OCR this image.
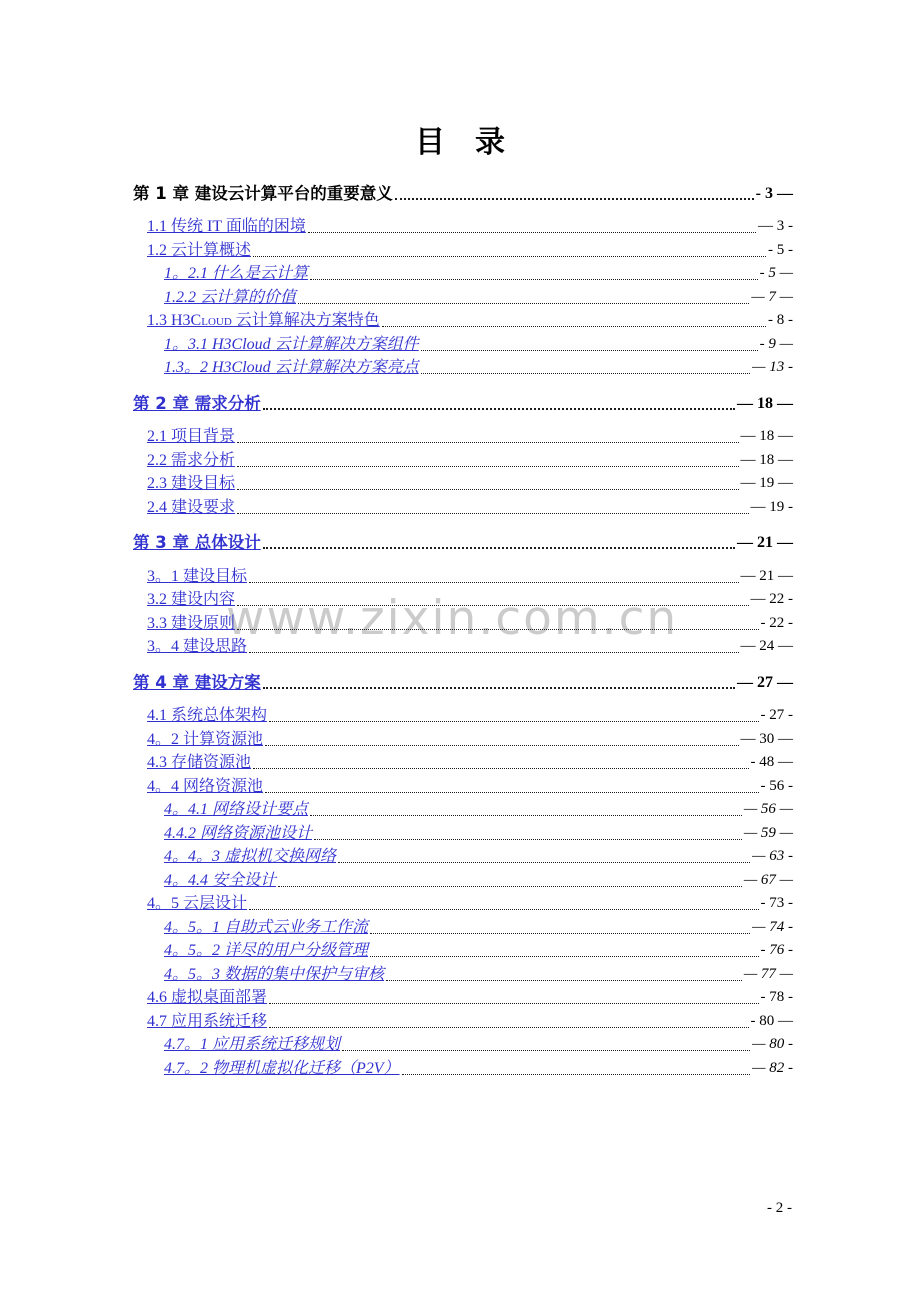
目　录
www.zixin.com.cn
第 1 章 建设云计算平台的重要意义	- 3 —
1.1 传统 IT 面临的困境	— 3 -
1.2 云计算概述	- 5 -
1。2.1 什么是云计算	- 5 —
1.2.2 云计算的价值	— 7 —
1.3 H3Cloud 云计算解决方案特色	- 8 -
1。3.1 H3Cloud 云计算解决方案组件	- 9 —
1.3。2 H3Cloud 云计算解决方案亮点	— 13 -
第 2 章 需求分析	— 18 —
2.1 项目背景	— 18 —
2.2 需求分析	— 18 —
2.3 建设目标	— 19 —
2.4 建设要求	— 19 -
第 3 章 总体设计	— 21 —
3。1 建设目标	— 21 —
3.2 建设内容	— 22 -
3.3 建设原则	- 22 -
3。4 建设思路	— 24 —
第 4 章 建设方案	— 27 —
4.1 系统总体架构	- 27 -
4。2 计算资源池	— 30 —
4.3 存储资源池	- 48 —
4。4 网络资源池	- 56 -
4。4.1 网络设计要点	— 56 —
4.4.2 网络资源池设计	— 59 —
4。4。3 虚拟机交换网络	— 63 -
4。4.4 安全设计	— 67 —
4。5 云层设计	- 73 -
4。5。1 自助式云业务工作流	— 74 -
4。5。2 详尽的用户分级管理	- 76 -
4。5。3 数据的集中保护与审核	— 77 —
4.6 虚拟桌面部署	- 78 -
4.7 应用系统迁移	- 80 —
4.7。1 应用系统迁移规划	— 80 -
4.7。2 物理机虚拟化迁移（P2V）	— 82 -
- 2 -
